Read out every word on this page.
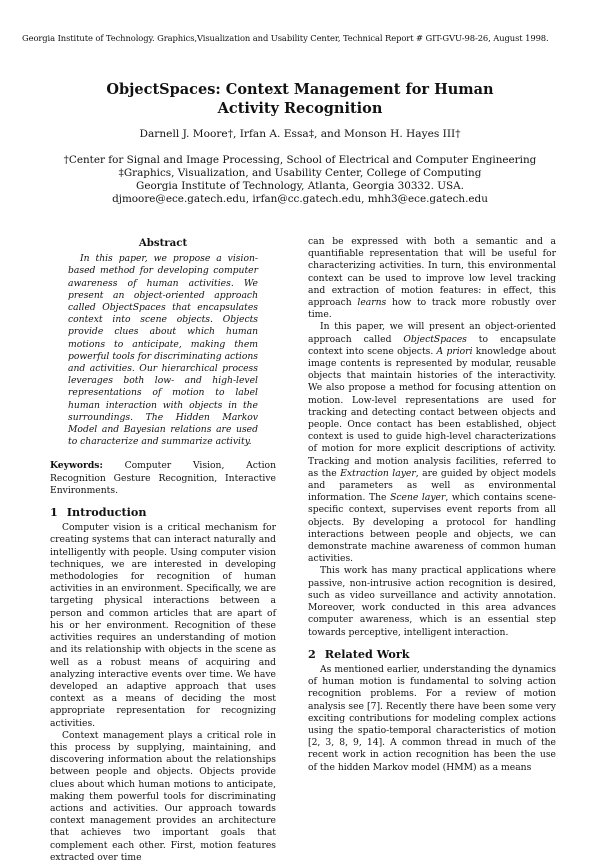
Georgia Institute of Technology. Graphics,Visualization and Usability Center, Technical Report # GIT-GVU-98-26, August 1998.
ObjectSpaces: Context Management for Human Activity Recognition
Darnell J. Moore†, Irfan A. Essa‡, and Monson H. Hayes III†
†Center for Signal and Image Processing, School of Electrical and Computer Engineering
‡Graphics, Visualization, and Usability Center, College of Computing
Georgia Institute of Technology, Atlanta, Georgia 30332. USA.
djmoore@ece.gatech.edu, irfan@cc.gatech.edu, mhh3@ece.gatech.edu
Abstract

In this paper, we propose a vision-based method for developing computer awareness of human activities. We present an object-oriented approach called ObjectSpaces that encapsulates context into scene objects. Objects provide clues about which human motions to anticipate, making them powerful tools for discriminating actions and activities. Our hierarchical process leverages both low- and high-level representations of motion to label human interaction with objects in the surroundings. The Hidden Markov Model and Bayesian relations are used to characterize and summarize activity.

Keywords: Computer Vision, Action Recognition Gesture Recognition, Interactive Environments.
1 Introduction

Computer vision is a critical mechanism for creating systems that can interact naturally and intelligently with people. Using computer vision techniques, we are interested in developing methodologies for recognition of human activities in an environment. Specifically, we are targeting physical interactions between a person and common articles that are apart of his or her environment. Recognition of these activities requires an understanding of motion and its relationship with objects in the scene as well as a robust means of acquiring and analyzing interactive events over time. We have developed an adaptive approach that uses context as a means of deciding the most appropriate representation for recognizing activities.

Context management plays a critical role in this process by supplying, maintaining, and discovering information about the relationships between people and objects. Objects provide clues about which human motions to anticipate, making them powerful tools for discriminating actions and activities. Our approach towards context management provides an architecture that achieves two important goals that complement each other. First, motion features extracted over time

can be expressed with both a semantic and a quantifiable representation that will be useful for characterizing activities. In turn, this environmental context can be used to improve low level tracking and extraction of motion features: in effect, this approach learns how to track more robustly over time.

In this paper, we will present an object-oriented approach called ObjectSpaces to encapsulate context into scene objects. A priori knowledge about image contents is represented by modular, reusable objects that maintain histories of the interactivity. We also propose a method for focusing attention on motion. Low-level representations are used for tracking and detecting contact between objects and people. Once contact has been established, object context is used to guide high-level characterizations of motion for more explicit descriptions of activity. Tracking and motion analysis facilities, referred to as the Extraction layer, are guided by object models and parameters as well as environmental information. The Scene layer, which contains scene-specific context, supervises event reports from all objects. By developing a protocol for handling interactions between people and objects, we can demonstrate machine awareness of common human activities.

This work has many practical applications where passive, non-intrusive action recognition is desired, such as video surveillance and activity annotation. Moreover, work conducted in this area advances computer awareness, which is an essential step towards perceptive, intelligent interaction.

2 Related Work

As mentioned earlier, understanding the dynamics of human motion is fundamental to solving action recognition problems. For a review of motion analysis see [7]. Recently there have been some very exciting contributions for modeling complex actions using the spatio-temporal characteristics of motion [2, 3, 8, 9, 14]. A common thread in much of the recent work in action recognition has been the use of the hidden Markov model (HMM) as a means
